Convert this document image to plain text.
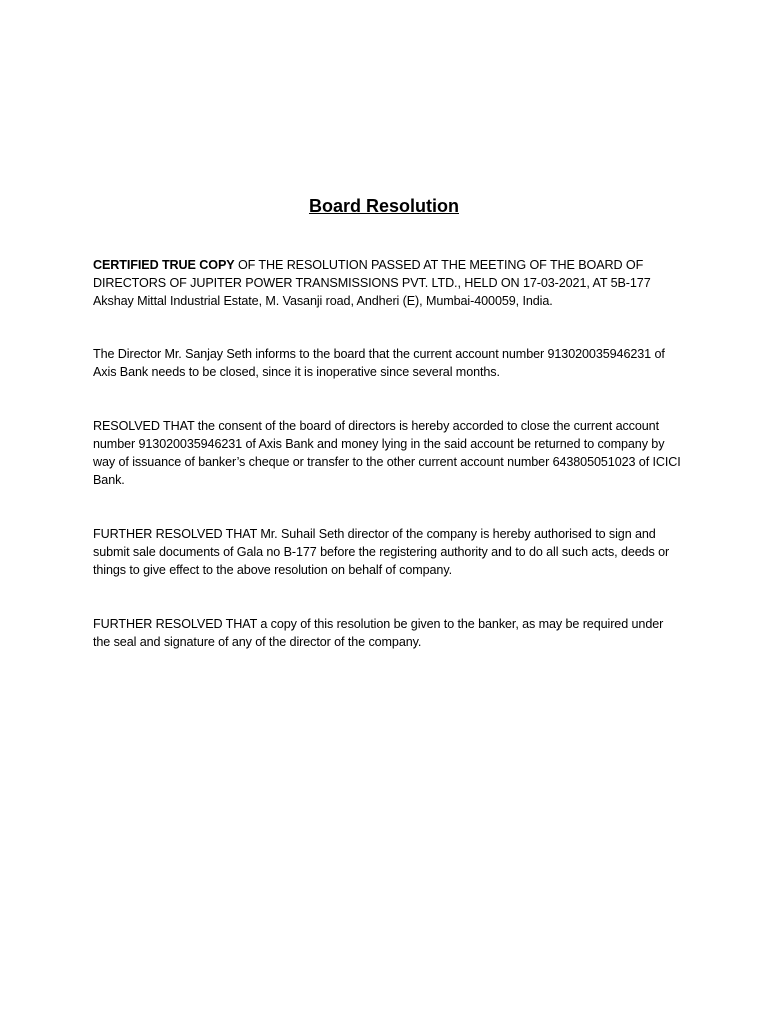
Board Resolution

CERTIFIED TRUE COPY OF THE RESOLUTION PASSED AT THE MEETING OF THE BOARD OF DIRECTORS OF JUPITER POWER TRANSMISSIONS PVT. LTD., HELD ON 17-03-2021, AT 5B-177 Akshay Mittal Industrial Estate, M. Vasanji road, Andheri (E), Mumbai-400059, India.

The Director Mr. Sanjay Seth informs to the board that the current account number 913020035946231 of Axis Bank needs to be closed, since it is inoperative since several months.

RESOLVED THAT the consent of the board of directors is hereby accorded to close the current account number 913020035946231 of Axis Bank and money lying in the said account be returned to company by way of issuance of banker’s cheque or transfer to the other current account number 643805051023 of ICICI Bank.

FURTHER RESOLVED THAT Mr. Suhail Seth director of the company is hereby authorised to sign and submit sale documents of Gala no B-177 before the registering authority and to do all such acts, deeds or things to give effect to the above resolution on behalf of company.

FURTHER RESOLVED THAT a copy of this resolution be given to the banker, as may be required under the seal and signature of any of the director of the company.
